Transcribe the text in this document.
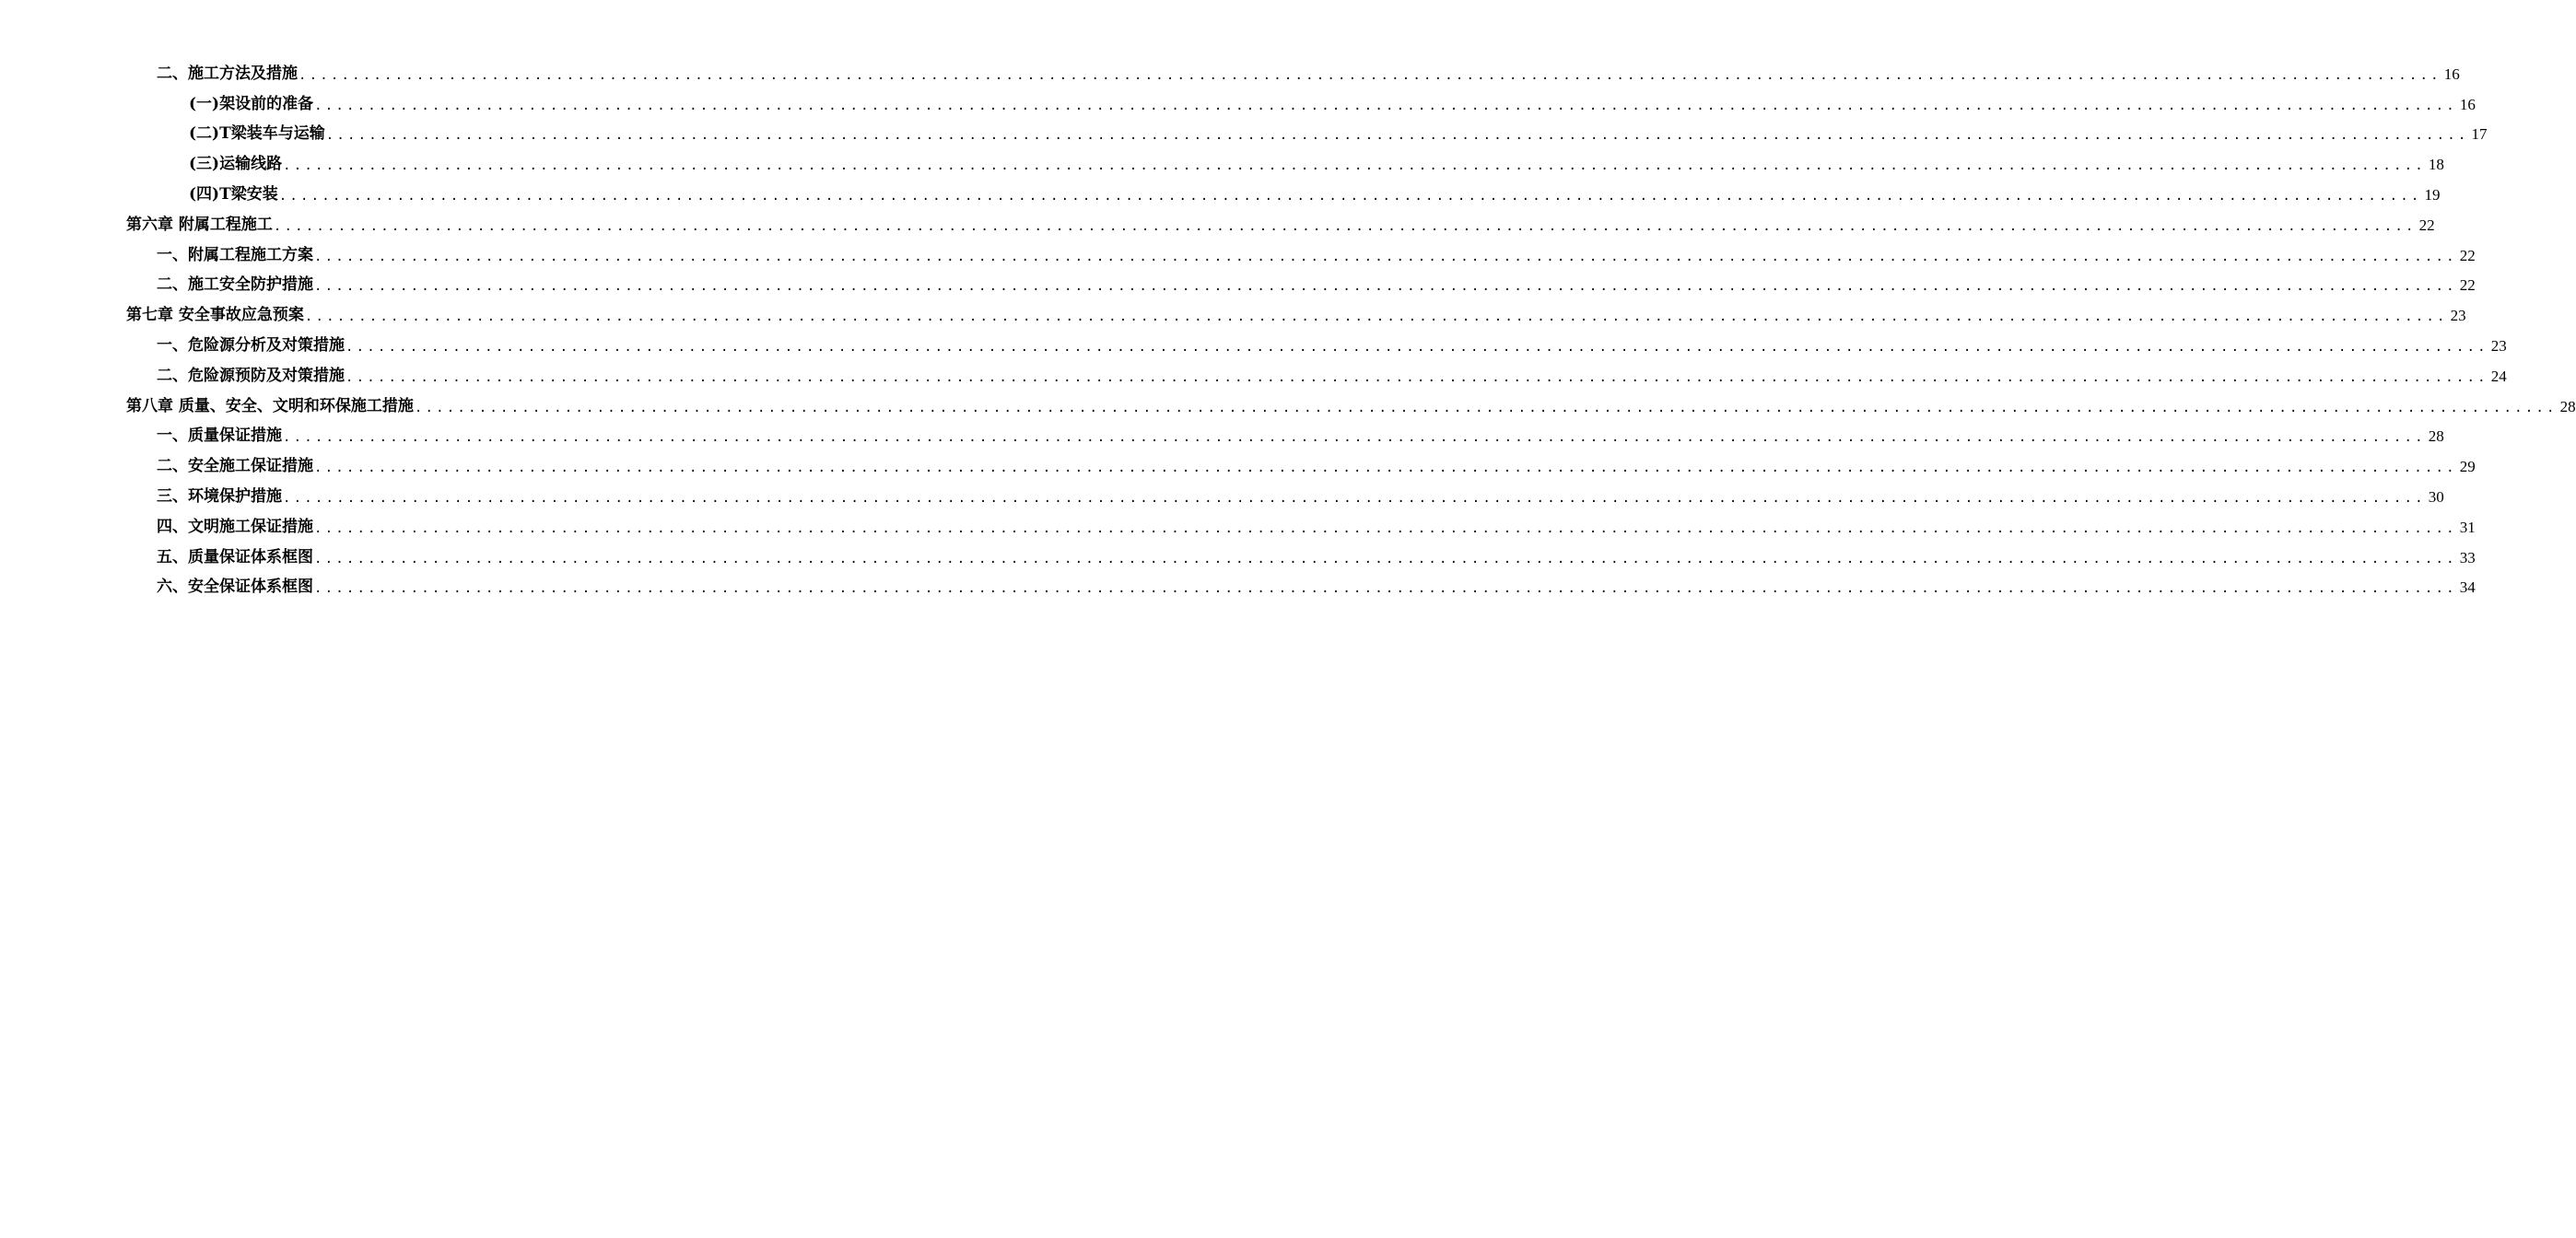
二、施工方法及措施 ........................................................................................................................................................................................................ 16
(一)架设前的准备 ........................................................................................................................................................................................................ 16
(二)T梁装车与运输 ........................................................................................................................................................................................................ 17
(三)运输线路 ........................................................................................................................................................................................................ 18
(四)T梁安装 ........................................................................................................................................................................................................ 19
第六章 附属工程施工 ........................................................................................................................................................................................................ 22
一、附属工程施工方案 ........................................................................................................................................................................................................ 22
二、施工安全防护措施 ........................................................................................................................................................................................................ 22
第七章 安全事故应急预案 ........................................................................................................................................................................................................ 23
一、危险源分析及对策措施 ........................................................................................................................................................................................................ 23
二、危险源预防及对策措施 ........................................................................................................................................................................................................ 24
第八章 质量、安全、文明和环保施工措施 ........................................................................................................................................................................................................ 28
一、质量保证措施 ........................................................................................................................................................................................................ 28
二、安全施工保证措施 ........................................................................................................................................................................................................ 29
三、环境保护措施 ........................................................................................................................................................................................................ 30
四、文明施工保证措施 ........................................................................................................................................................................................................ 31
五、质量保证体系框图 ........................................................................................................................................................................................................ 33
六、安全保证体系框图 ........................................................................................................................................................................................................ 34
